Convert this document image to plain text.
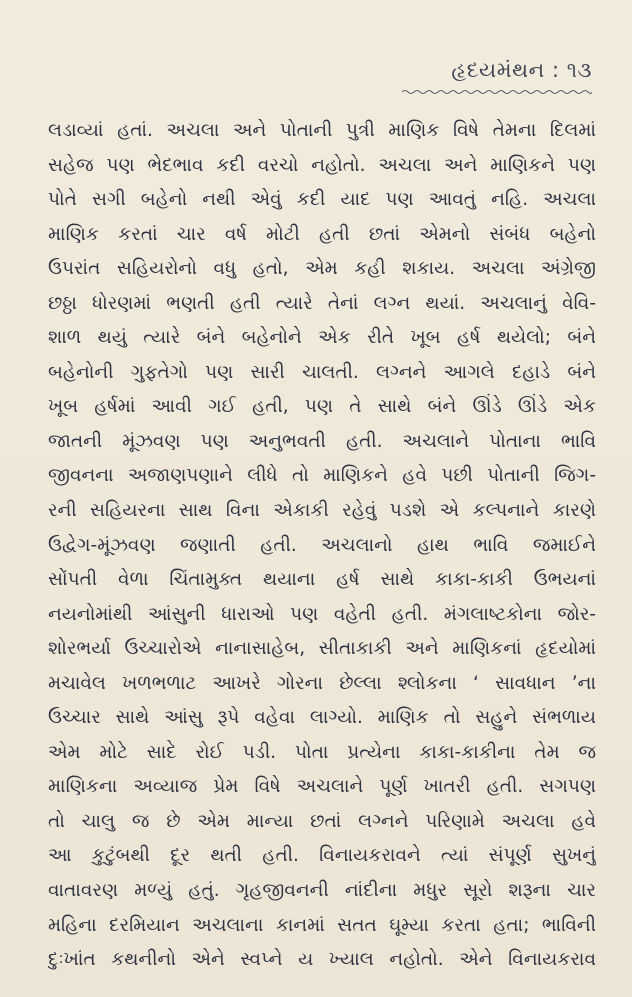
હૃદયમંથન : ૧૩
લડાવ્યાં હતાં. અચલા અને પોતાની પુત્રી માણિક વિષે તેમના દિલમાં
સહેજ પણ ભેદભાવ કદી વરચો નહોતો. અચલા અને માણિકને પણ
પોતે સગી બહેનો નથી એવું કદી યાદ પણ આવતું નહિ. અચલા
માણિક કરતાં ચાર વર્ષ મોટી હતી છતાં એમનો સંબંધ બહેનો
ઉપરાંત સહિયરોનો વધુ હતો, એમ કહી શકાય. અચલા અંગ્રેજી
છઠ્ઠા ધોરણમાં ભણતી હતી ત્યારે તેનાં લગ્ન થયાં. અચલાનું વેવિ-
શાળ થયું ત્યારે બંને બહેનોને એક રીતે ખૂબ હર્ષ થયેલો; બંને
બહેનોની ગુફતેગો પણ સારી ચાલતી. લગ્નને આગલે દહાડે બંને
ખૂબ હર્ષમાં આવી ગઈ હતી, પણ તે સાથે બંને ઊંડે ઊંડે એક
જાતની મૂંઝવણ પણ અનુભવતી હતી. અચલાને પોતાના ભાવિ
જીવનના અજાણપણાને લીધે તો માણિકને હવે પછી પોતાની જિગ-
રની સહિયરના સાથ વિના એકાકી રહેવું પડશે એ કલ્પનાને કારણે
ઉદ્વેગ-મૂંઝવણ જણાતી હતી. અચલાનો હાથ ભાવિ જમાઈને
સોંપતી વેળા ચિંતામુક્ત થયાના હર્ષ સાથે કાકા-કાકી ઉભયનાં
નયનોમાંથી આંસુની ધારાઓ પણ વહેતી હતી. મંગલાષ્ટકોના જોર-
શોરભર્યા ઉચ્ચારોએ નાનાસાહેબ, સીતાકાકી અને માણિકનાં હૃદયોમાં
મચાવેલ ખળભળાટ આખરે ગોરના છેલ્લા શ્લોકના ‘ સાવધાન ’ના
ઉચ્ચાર સાથે આંસુ રૂપે વહેવા લાગ્યો. માણિક તો સહુને સંભળાય
એમ મોટે સાદે રોઈ પડી. પોતા પ્રત્યેના કાકા-કાકીના તેમ જ
માણિકના અવ્યાજ પ્રેમ વિષે અચલાને પૂર્ણ ખાતરી હતી. સગપણ
તો ચાલુ જ છે એમ માન્યા છતાં લગ્નને પરિણામે અચલા હવે
આ કુટુંબથી દૂર થતી હતી. વિનાયકરાવને ત્યાં સંપૂર્ણ સુખનું
વાતાવરણ મળ્યું હતું. ગૃહજીવનની નાંદીના મધુર સૂરો શરૂના ચાર
મહિના દરમિયાન અચલાના કાનમાં સતત ઘૂમ્યા કરતા હતા; ભાવિની
દુઃખાંત કથનીનો એને સ્વપ્ને ય ખ્યાલ નહોતો. એને વિનાયકરાવ
